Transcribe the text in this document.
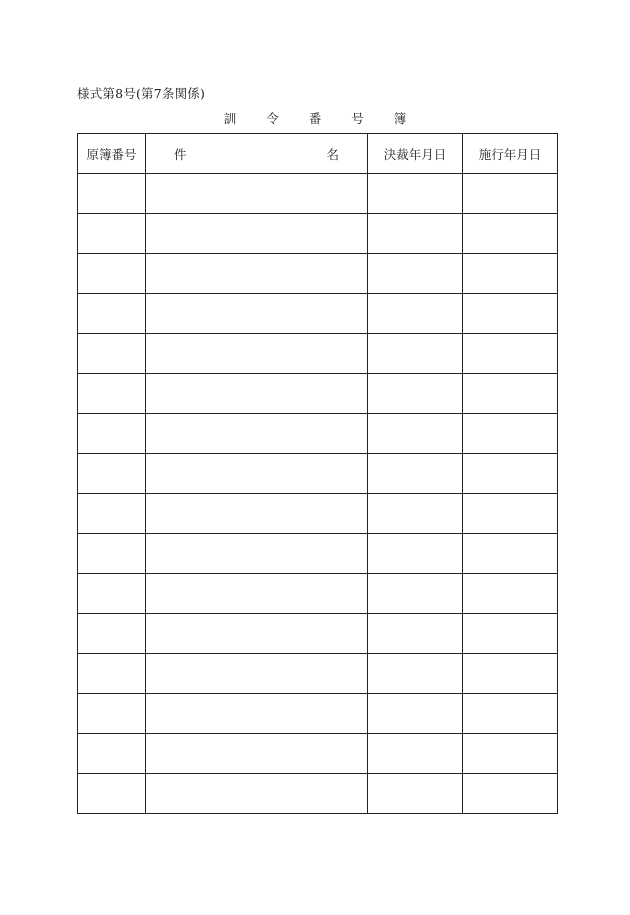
様式第8号(第7条関係)
訓 令 番 号 簿
原簿番号	件 名	決裁年月日	施行年月日
